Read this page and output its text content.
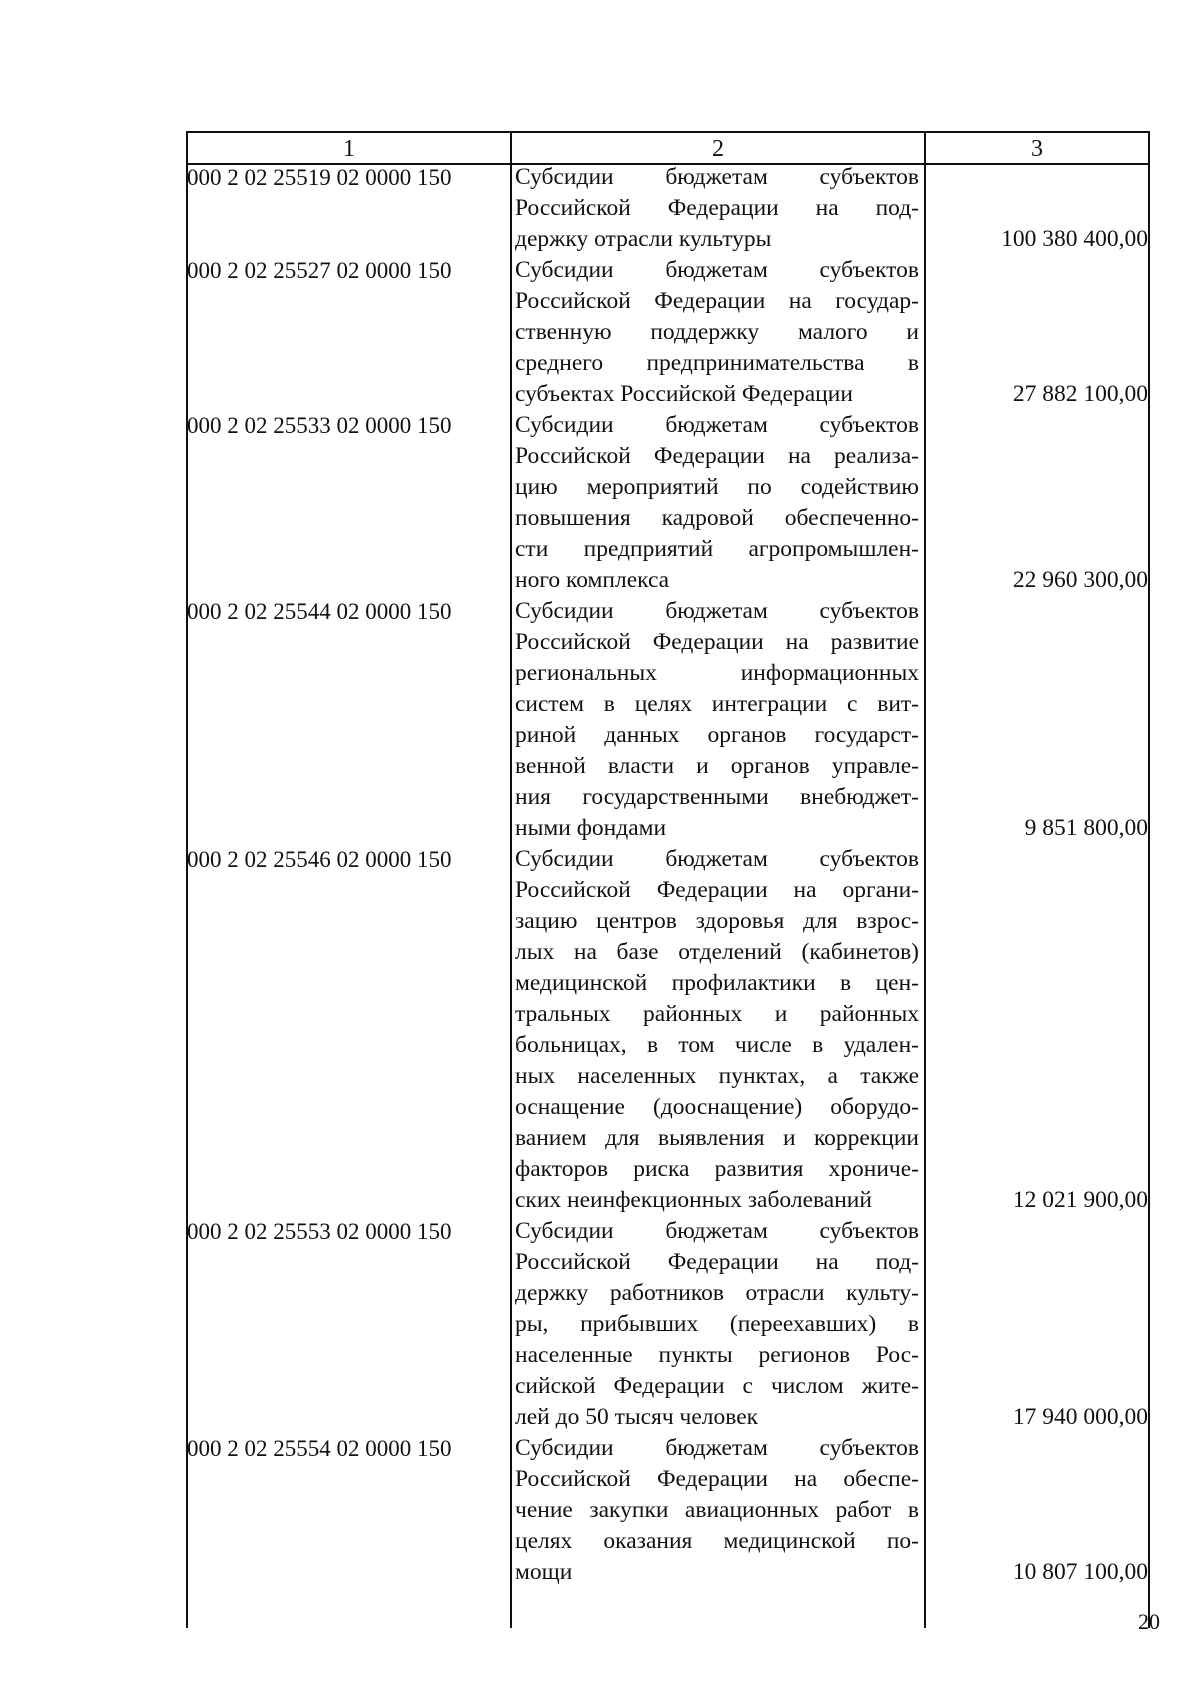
1	2	3
000 2 02 25519 02 0000 150	Субсидии бюджетам субъектов
Российской Федерации на под-
держку отрасли культуры	100 380 400,00
000 2 02 25527 02 0000 150	Субсидии бюджетам субъектов
Российской Федерации на государ-
ственную поддержку малого и
среднего предпринимательства в
субъектах Российской Федерации	27 882 100,00
000 2 02 25533 02 0000 150	Субсидии бюджетам субъектов
Российской Федерации на реализа-
цию мероприятий по содействию
повышения кадровой обеспеченно-
сти предприятий агропромышлен-
ного комплекса	22 960 300,00
000 2 02 25544 02 0000 150	Субсидии бюджетам субъектов
Российской Федерации на развитие
региональных информационных
систем в целях интеграции с вит-
риной данных органов государст-
венной власти и органов управле-
ния государственными внебюджет-
ными фондами	9 851 800,00
000 2 02 25546 02 0000 150	Субсидии бюджетам субъектов
Российской Федерации на органи-
зацию центров здоровья для взрос-
лых на базе отделений (кабинетов)
медицинской профилактики в цен-
тральных районных и районных
больницах, в том числе в удален-
ных населенных пунктах, а также
оснащение (дооснащение) оборудо-
ванием для выявления и коррекции
факторов риска развития хрониче-
ских неинфекционных заболеваний	12 021 900,00
000 2 02 25553 02 0000 150	Субсидии бюджетам субъектов
Российской Федерации на под-
держку работников отрасли культу-
ры, прибывших (переехавших) в
населенные пункты регионов Рос-
сийской Федерации с числом жите-
лей до 50 тысяч человек	17 940 000,00
000 2 02 25554 02 0000 150	Субсидии бюджетам субъектов
Российской Федерации на обеспе-
чение закупки авиационных работ в
целях оказания медицинской по-
мощи	10 807 100,00
20
